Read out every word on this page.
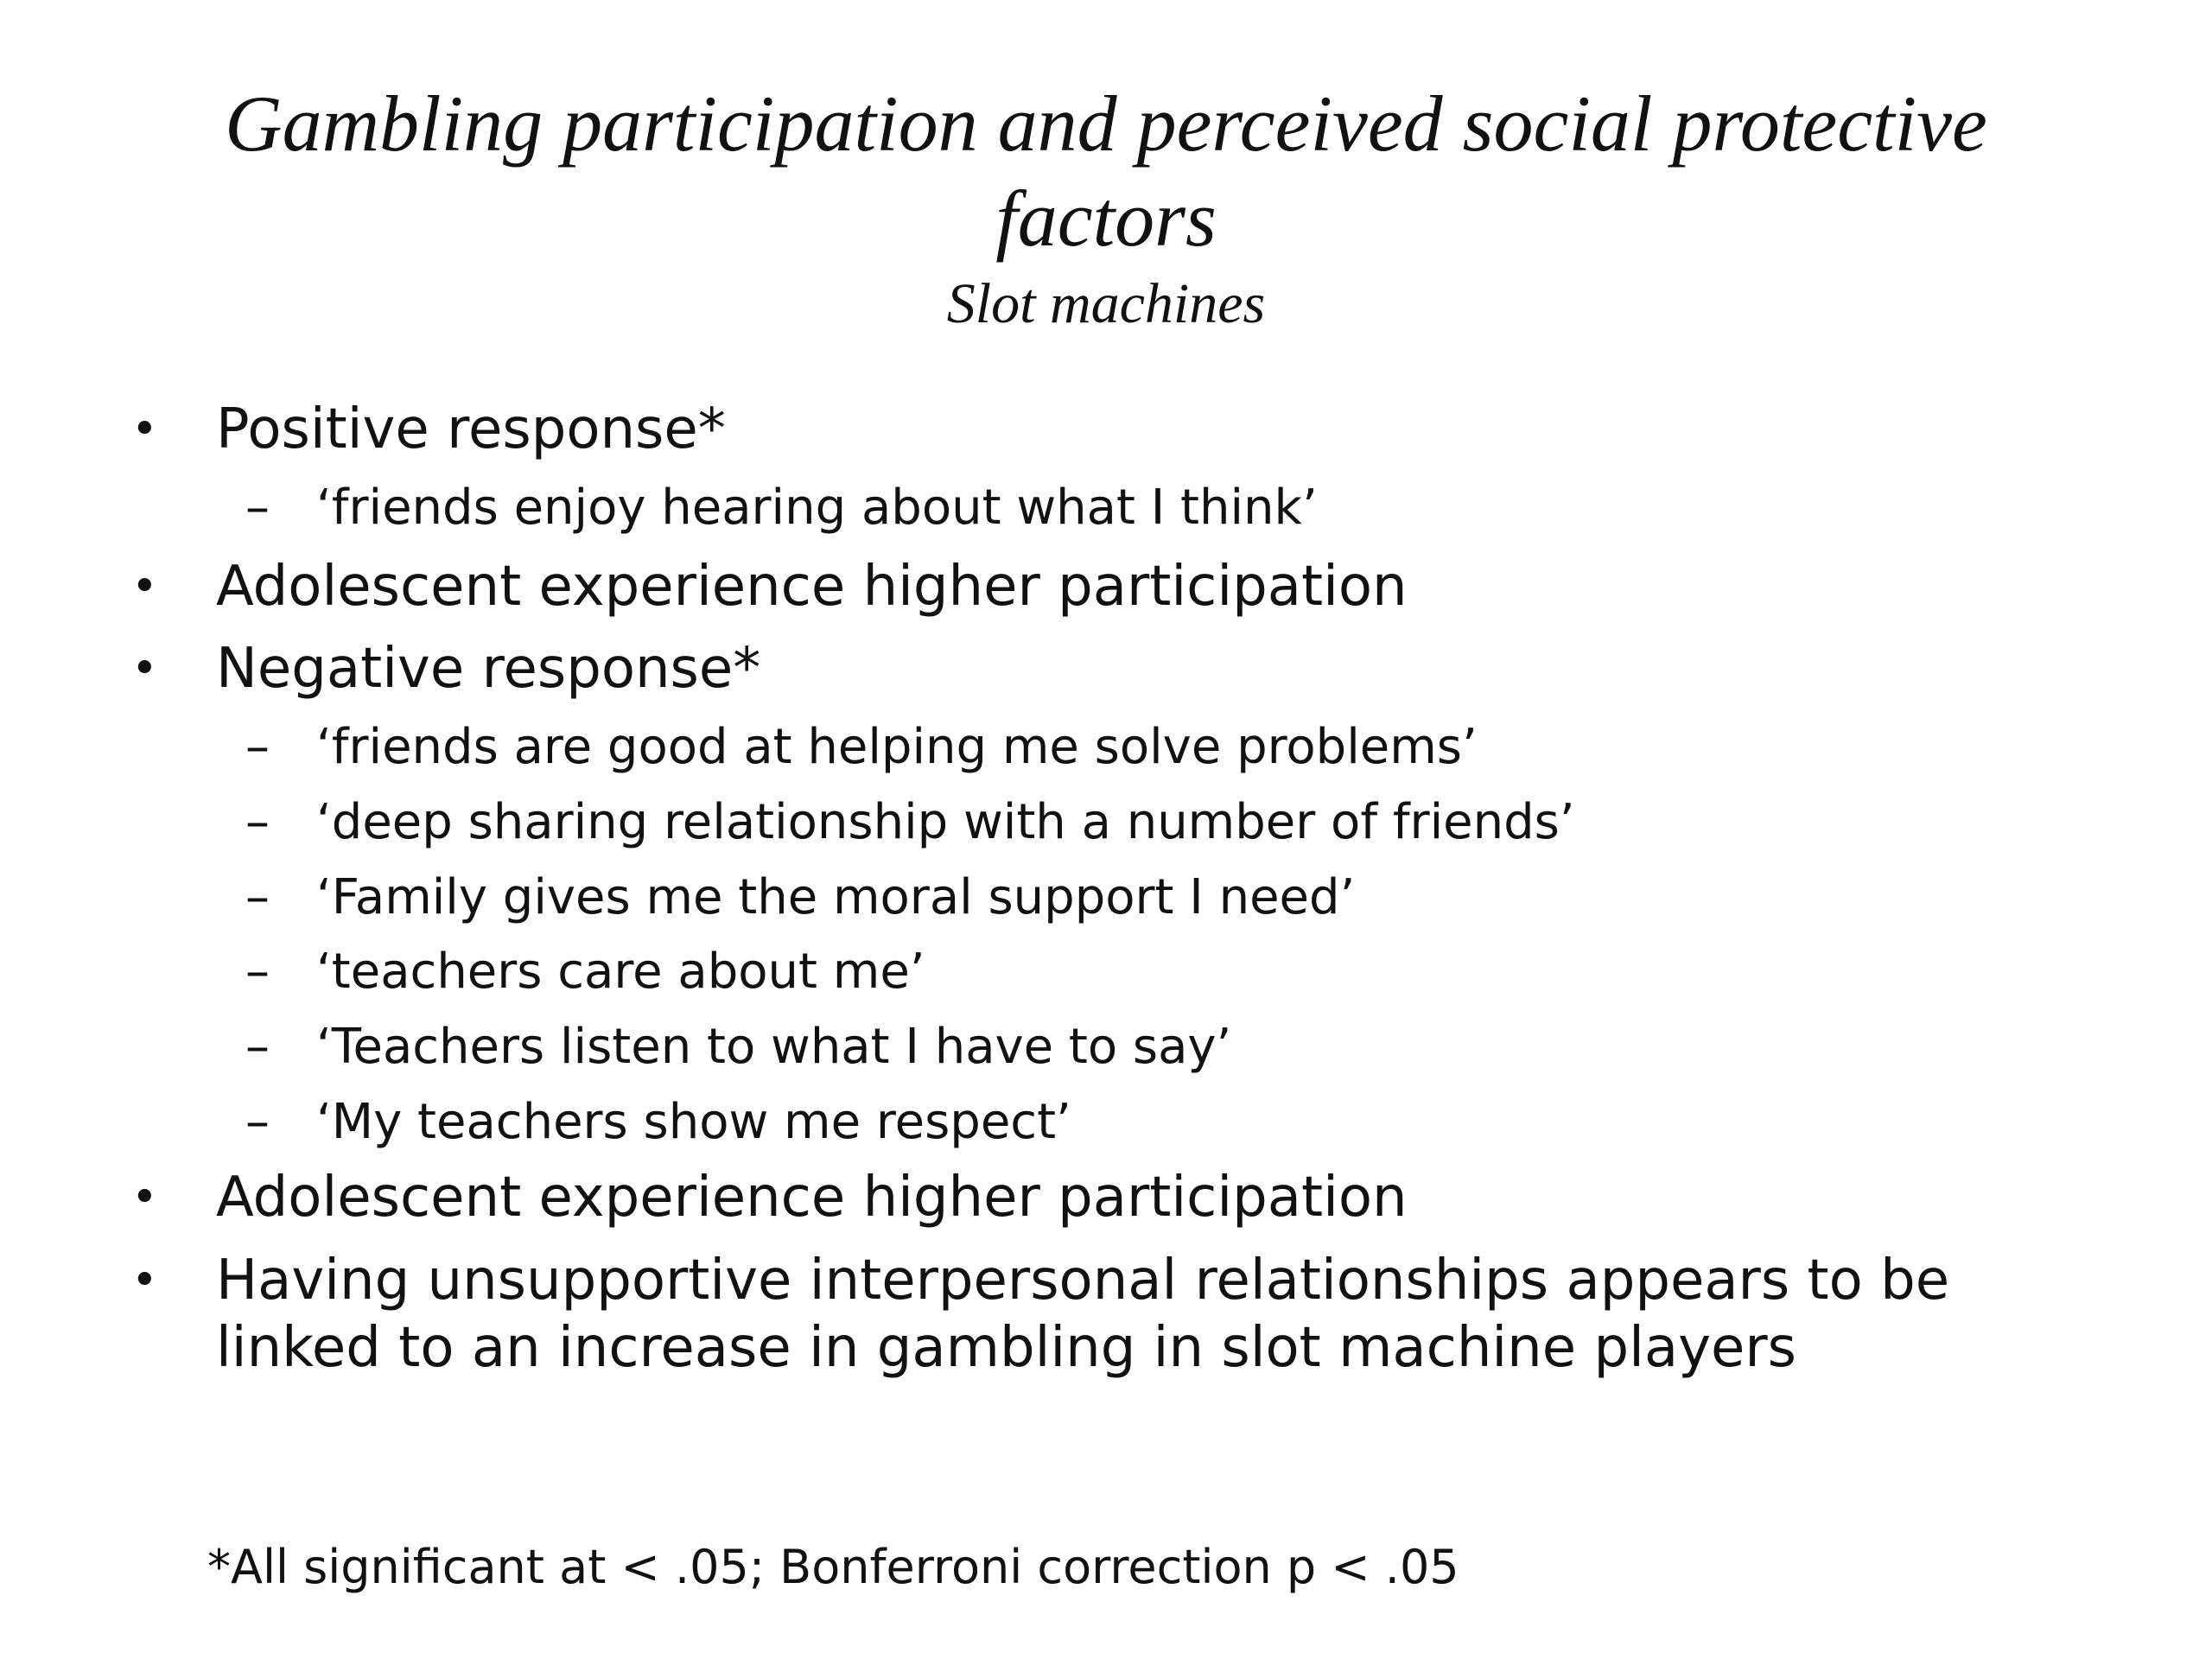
Gambling participation and perceived social protective factors
Slot machines
• Positive response*
– ‘friends enjoy hearing about what I think’
• Adolescent experience higher participation
• Negative response*
– ‘friends are good at helping me solve problems’
– ‘deep sharing relationship with a number of friends’
– ‘Family gives me the moral support I need’
– ‘teachers care about me’
– ‘Teachers listen to what I have to say’
– ‘My teachers show me respect’
• Adolescent experience higher participation
• Having unsupportive interpersonal relationships appears to be linked to an increase in gambling in slot machine players
*All significant at < .05; Bonferroni correction p < .05
